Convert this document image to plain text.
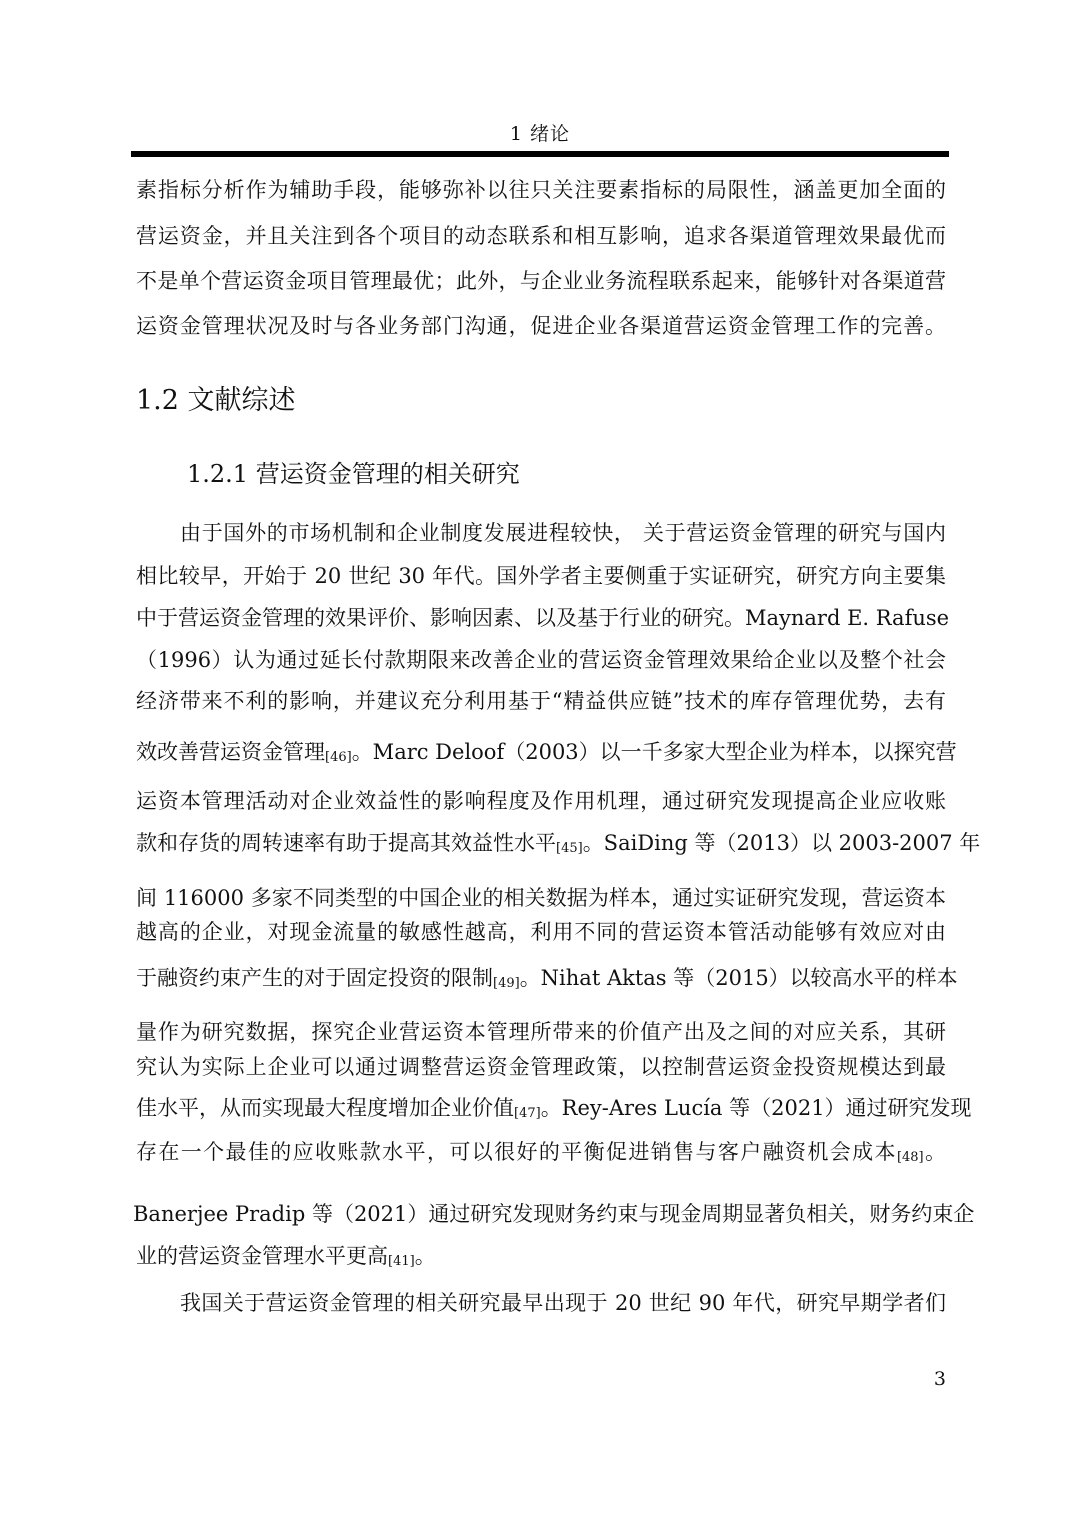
1 绪论
素指标分析作为辅助手段，能够弥补以往只关注要素指标的局限性，涵盖更加全面的
营运资金，并且关注到各个项目的动态联系和相互影响，追求各渠道管理效果最优而
不是单个营运资金项目管理最优；此外，与企业业务流程联系起来，能够针对各渠道营
运资金管理状况及时与各业务部门沟通，促进企业各渠道营运资金管理工作的完善。
1.2 文献综述
1.2.1 营运资金管理的相关研究
由于国外的市场机制和企业制度发展进程较快， 关于营运资金管理的研究与国内
相比较早，开始于 20 世纪 30 年代。国外学者主要侧重于实证研究，研究方向主要集
中于营运资金管理的效果评价、影响因素、以及基于行业的研究。Maynard E. Rafuse
（1996）认为通过延长付款期限来改善企业的营运资金管理效果给企业以及整个社会
经济带来不利的影响，并建议充分利用基于“精益供应链”技术的库存管理优势，去有
效改善营运资金管理[46]。Marc Deloof（2003）以一千多家大型企业为样本，以探究营
运资本管理活动对企业效益性的影响程度及作用机理，通过研究发现提高企业应收账
款和存货的周转速率有助于提高其效益性水平[45]。SaiDing 等（2013）以 2003-2007 年
间 116000 多家不同类型的中国企业的相关数据为样本，通过实证研究发现，营运资本
越高的企业，对现金流量的敏感性越高，利用不同的营运资本管活动能够有效应对由
于融资约束产生的对于固定投资的限制[49]。Nihat Aktas 等（2015）以较高水平的样本
量作为研究数据，探究企业营运资本管理所带来的价值产出及之间的对应关系，其研
究认为实际上企业可以通过调整营运资金管理政策，以控制营运资金投资规模达到最
佳水平，从而实现最大程度增加企业价值[47]。Rey-Ares Lucía 等（2021）通过研究发现
存在一个最佳的应收账款水平，可以很好的平衡促进销售与客户融资机会成本[48]。
Banerjee Pradip 等（2021）通过研究发现财务约束与现金周期显著负相关，财务约束企
业的营运资金管理水平更高[41]。
我国关于营运资金管理的相关研究最早出现于 20 世纪 90 年代，研究早期学者们
3
